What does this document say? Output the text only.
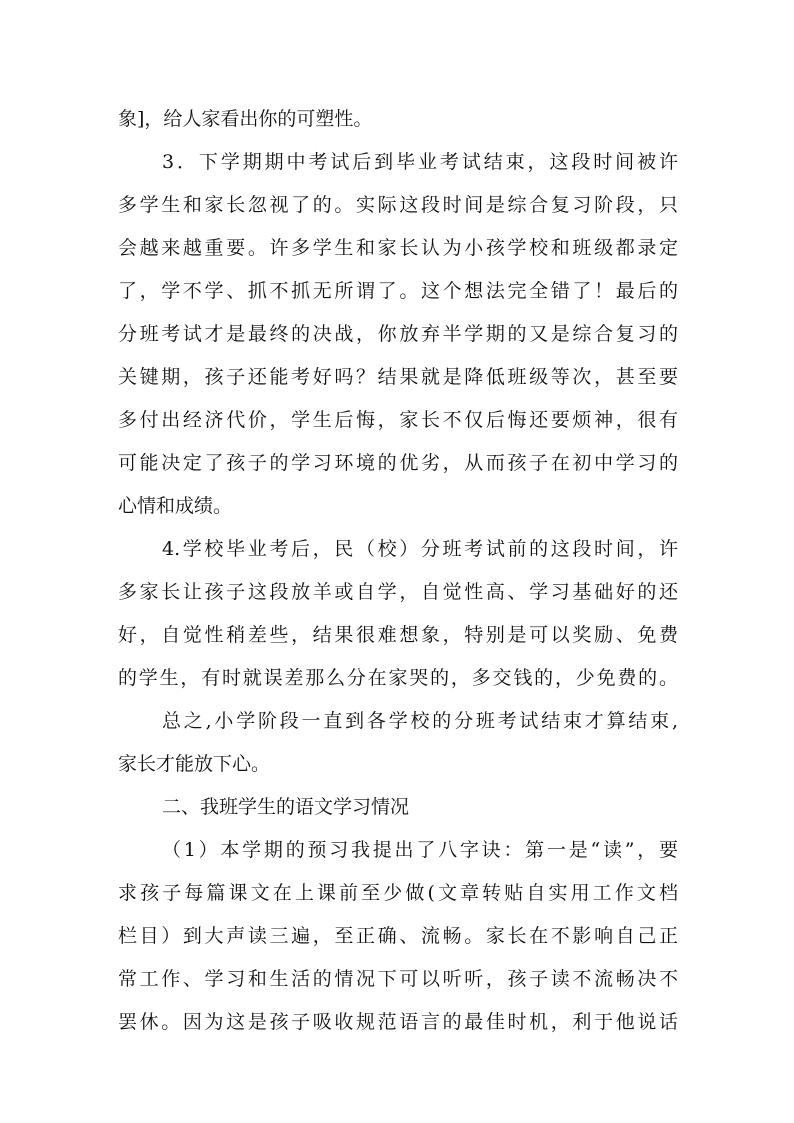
象]，给人家看出你的可塑性。
3．下学期期中考试后到毕业考试结束，这段时间被许
多学生和家长忽视了的。实际这段时间是综合复习阶段，只
会越来越重要。许多学生和家长认为小孩学校和班级都录定
了，学不学、抓不抓无所谓了。这个想法完全错了！最后的
分班考试才是最终的决战，你放弃半学期的又是综合复习的
关键期，孩子还能考好吗？结果就是降低班级等次，甚至要
多付出经济代价，学生后悔，家长不仅后悔还要烦神，很有
可能决定了孩子的学习环境的优劣，从而孩子在初中学习的
心情和成绩。
4.学校毕业考后，民（校）分班考试前的这段时间，许
多家长让孩子这段放羊或自学，自觉性高、学习基础好的还
好，自觉性稍差些，结果很难想象，特别是可以奖励、免费
的学生，有时就误差那么分在家哭的，多交钱的，少免费的。
总之,小学阶段一直到各学校的分班考试结束才算结束,
家长才能放下心。
二、我班学生的语文学习情况
（1）本学期的预习我提出了八字诀：第一是“读”，要
求孩子每篇课文在上课前至少做(文章转贴自实用工作文档
栏目）到大声读三遍，至正确、流畅。家长在不影响自己正
常工作、学习和生活的情况下可以听听，孩子读不流畅决不
罢休。因为这是孩子吸收规范语言的最佳时机，利于他说话
